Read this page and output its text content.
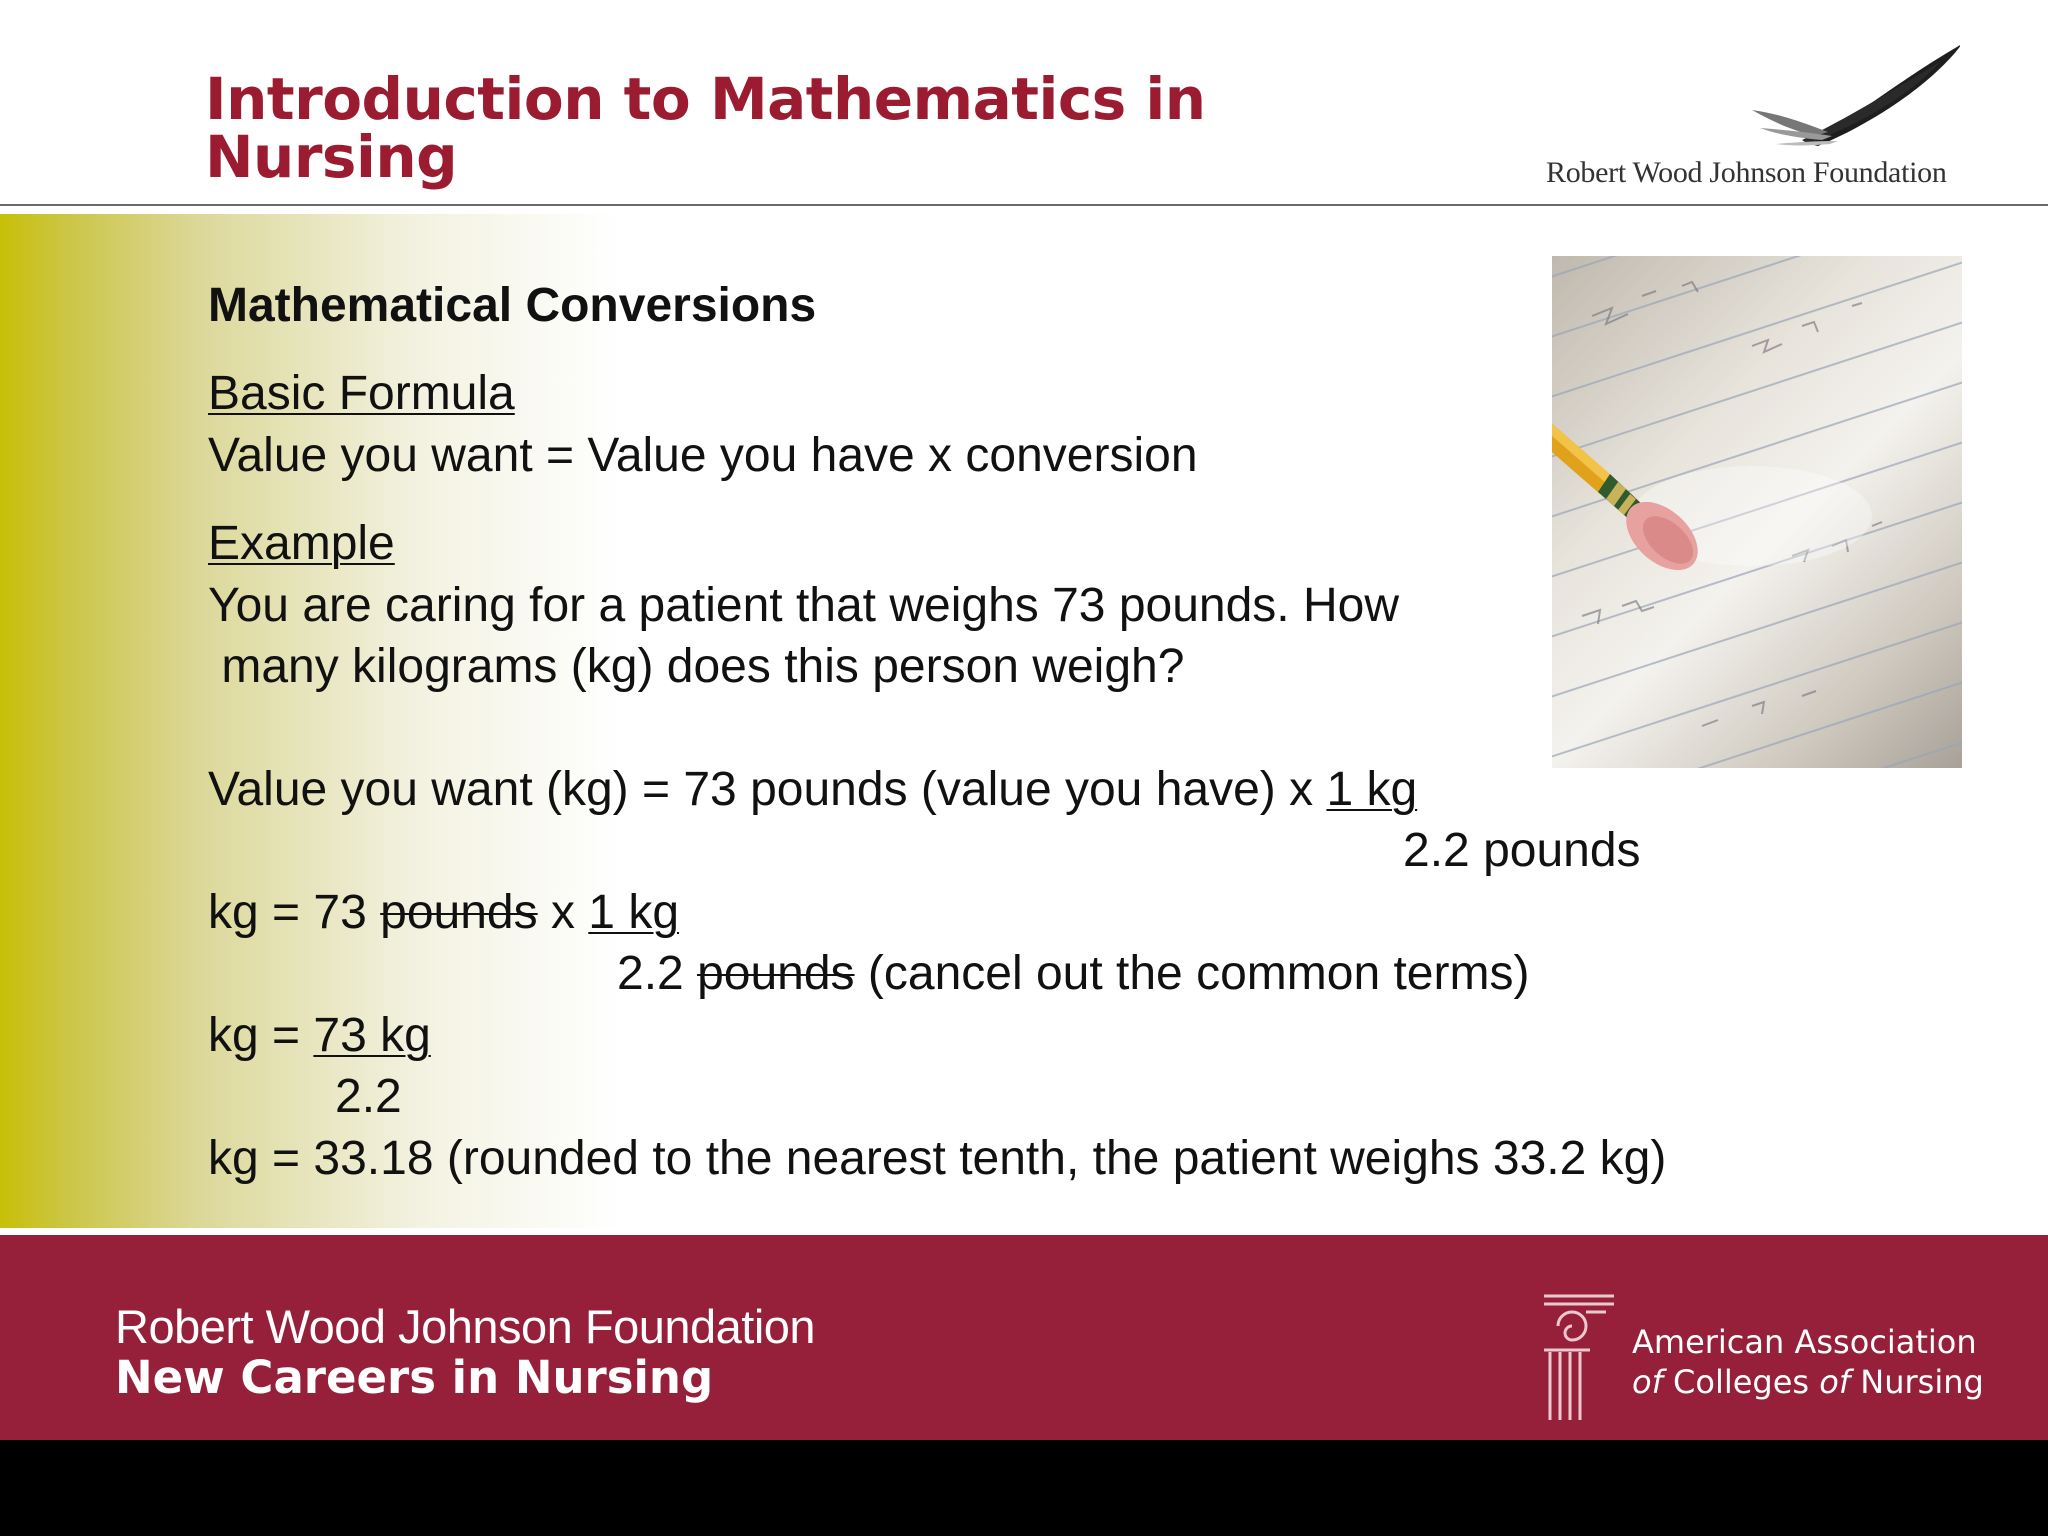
Introduction to Mathematics in
Nursing	Robert Wood Johnson Foundation
Mathematical Conversions
Basic Formula
Value you want = Value you have x conversion
Example
You are caring for a patient that weighs 73 pounds. How
many kilograms (kg) does this person weigh?
Value you want (kg) = 73 pounds (value you have) x 1 kg
2.2 pounds
kg = 73 pounds x 1 kg
2.2 pounds (cancel out the common terms)
kg = 73 kg
2.2
kg = 33.18 (rounded to the nearest tenth, the patient weighs 33.2 kg)
Robert Wood Johnson Foundation
New Careers in Nursing
American Association
of Colleges of Nursing
